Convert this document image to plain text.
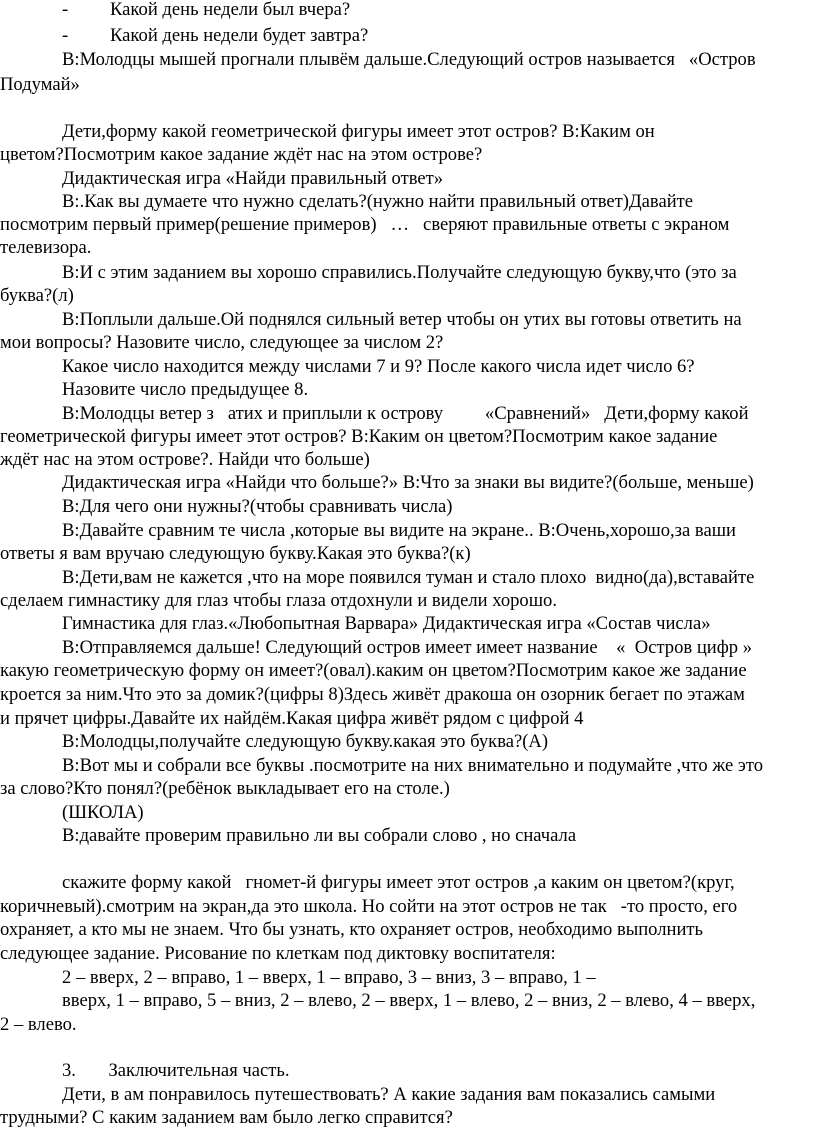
-         Какой день недели был вчера?
-         Какой день недели будет завтра?
В:Молодцы мышей прогнали плывём дальше.Следующий остров называется   «Остров
Подумай»
Дети,форму какой геометрической фигуры имеет этот остров? В:Каким он
цветом?Посмотрим какое задание ждёт нас на этом острове?
Дидактическая игра «Найди правильный ответ»
В:.Как вы думаете что нужно сделать?(нужно найти правильный ответ)Давайте
посмотрим первый пример(решение примеров)   …   сверяют правильные ответы с экраном
телевизора.
В:И с этим заданием вы хорошо справились.Получайте следующую букву,что (это за
буква?(л)
В:Поплыли дальше.Ой поднялся сильный ветер чтобы он утих вы готовы ответить на
мои вопросы? Назовите число, следующее за числом 2?
Какое число находится между числами 7 и 9? После какого числа идет число 6?
Назовите число предыдущее 8.
В:Молодцы ветер з   атих и приплыли к острову         «Сравнений»   Дети,форму какой
геометрической фигуры имеет этот остров? В:Каким он цветом?Посмотрим какое задание
ждёт нас на этом острове?. Найди что больше)
Дидактическая игра «Найди что больше?» В:Что за знаки вы видите?(больше, меньше)
В:Для чего они нужны?(чтобы сравнивать числа)
В:Давайте сравним те числа ,которые вы видите на экране.. В:Очень,хорошо,за ваши
ответы я вам вручаю следующую букву.Какая это буква?(к)
В:Дети,вам не кажется ,что на море появился туман и стало плохо  видно(да),вставайте
сделаем гимнастику для глаз чтобы глаза отдохнули и видели хорошо.
Гимнастика для глаз.«Любопытная Варвара» Дидактическая игра «Состав числа»
В:Отправляемся дальше! Следующий остров имеет имеет название    «  Остров цифр »
какую геометрическую форму он имеет?(овал).каким он цветом?Посмотрим какое же задание
кроется за ним.Что это за домик?(цифры 8)Здесь живёт дракоша он озорник бегает по этажам
и прячет цифры.Давайте их найдём.Какая цифра живёт рядом с цифрой 4
В:Молодцы,получайте следующую букву.какая это буква?(А)
В:Вот мы и собрали все буквы .посмотрите на них внимательно и подумайте ,что же это
за слово?Кто понял?(ребёнок выкладывает его на столе.)
(ШКОЛА)
В:давайте проверим правильно ли вы собрали слово , но сначала
скажите форму какой   гномет-й фигуры имеет этот остров ,а каким он цветом?(круг,
коричневый).смотрим на экран,да это школа. Но сойти на этот остров не так   -то просто, его
охраняет, а кто мы не знаем. Что бы узнать, кто охраняет остров, необходимо выполнить
следующее задание. Рисование по клеткам под диктовку воспитателя:
2 – вверх, 2 – вправо, 1 – вверх, 1 – вправо, 3 – вниз, 3 – вправо, 1 –
вверх, 1 – вправо, 5 – вниз, 2 – влево, 2 – вверх, 1 – влево, 2 – вниз, 2 – влево, 4 – вверх,
2 – влево.
3.       Заключительная часть.
Дети, в ам понравилось путешествовать? А какие задания вам показались самыми
трудными? С каким заданием вам было легко справится?
